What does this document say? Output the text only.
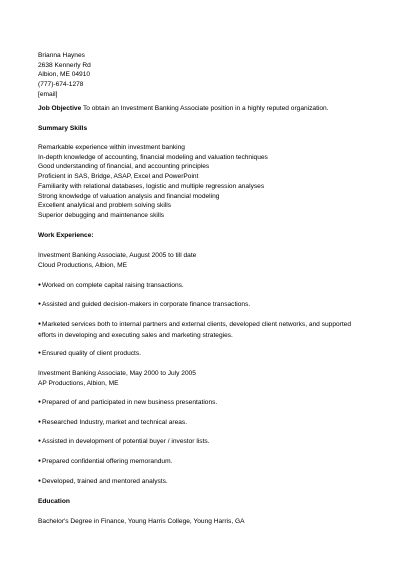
Brianna Haynes
2638 Kennerly Rd
Albion, ME 04910
(777)-674-1278
[email]
Job Objective To obtain an Investment Banking Associate position in a highly reputed organization.
Summary Skills
Remarkable experience within investment banking
In-depth knowledge of accounting, financial modeling and valuation techniques
Good understanding of financial, and accounting principles
Proficient in SAS, Bridge, ASAP, Excel and PowerPoint
Familiarity with relational databases, logistic and multiple regression analyses
Strong knowledge of valuation analysis and financial modeling
Excellent analytical and problem solving skills
Superior debugging and maintenance skills
Work Experience:
Investment Banking Associate, August 2005 to till date
Cloud Productions, Albion, ME
● Worked on complete capital raising transactions.
● Assisted and guided decision-makers in corporate finance transactions.
● Marketed services both to internal partners and external clients, developed client networks, and supported efforts in developing and executing sales and marketing strategies.
● Ensured quality of client products.
Investment Banking Associate, May 2000 to July 2005
AP Productions, Albion, ME
● Prepared of and participated in new business presentations.
● Researched Industry, market and technical areas.
● Assisted in development of potential buyer / investor lists.
● Prepared confidential offering memorandum.
● Developed, trained and mentored analysts.
Education
Bachelor's Degree in Finance, Young Harris College, Young Harris, GA
